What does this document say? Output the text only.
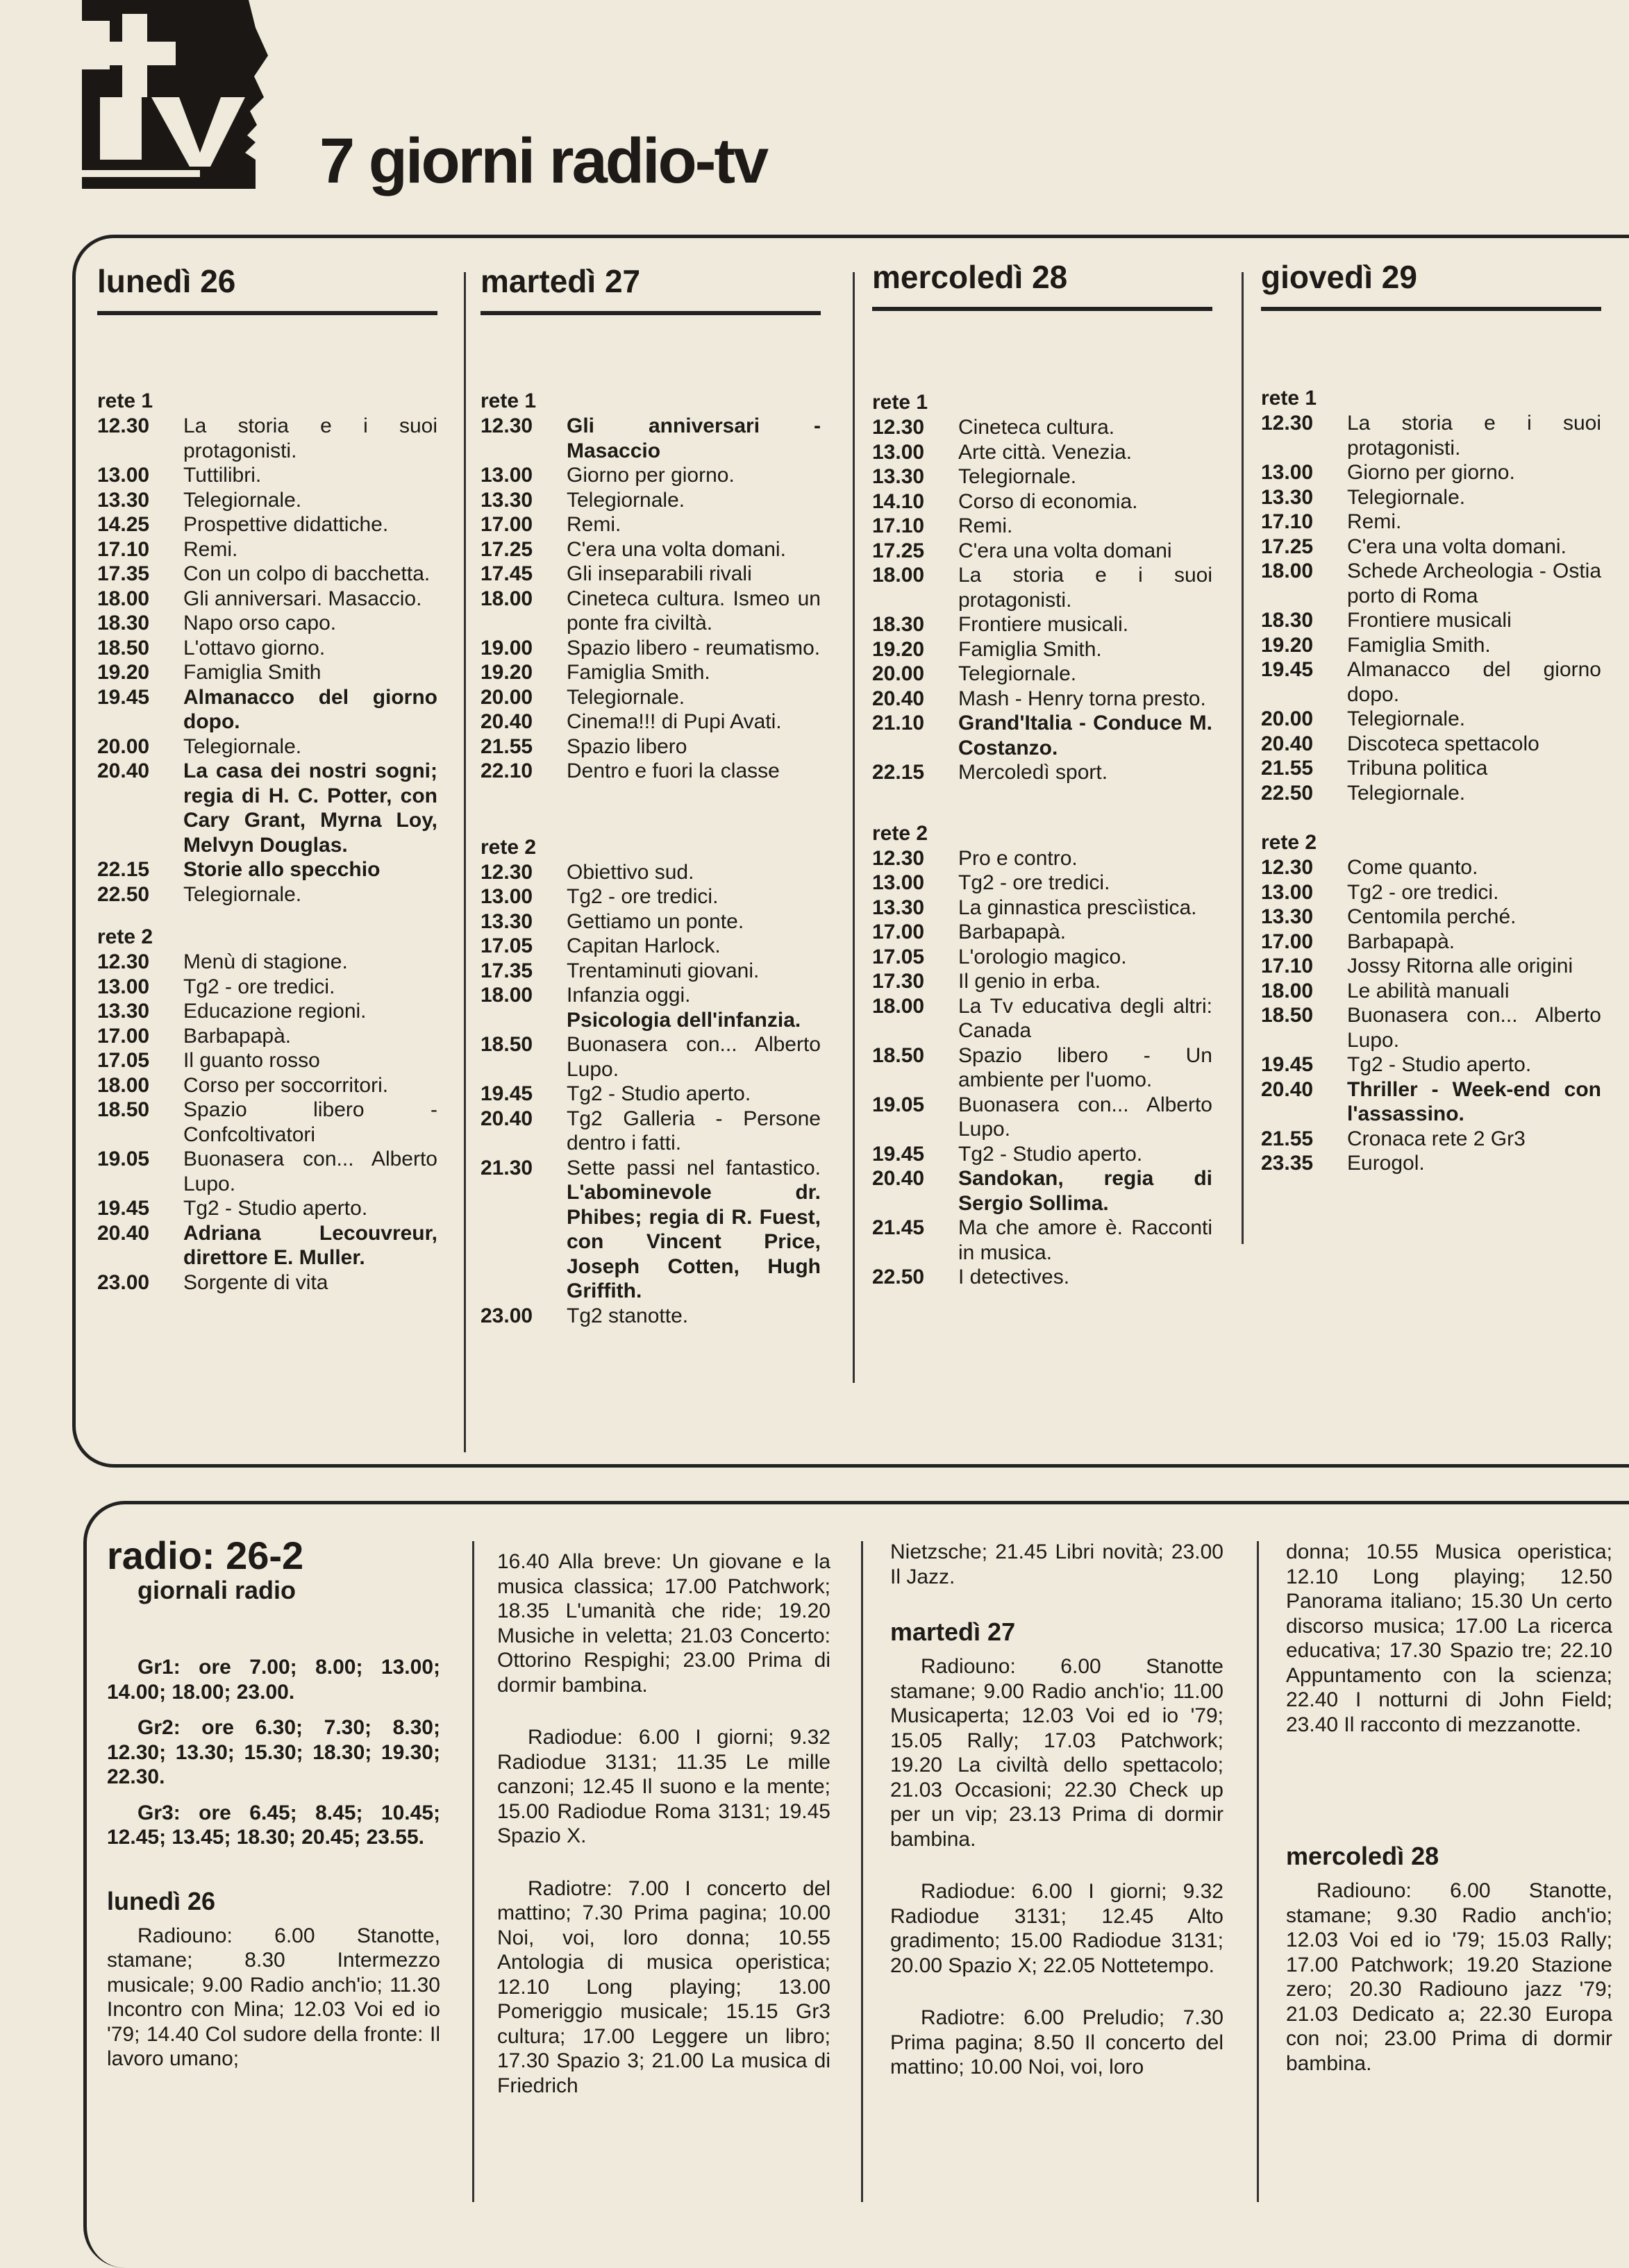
tv
7 giorni radio-tv
lunedì 26
rete 1
12.30	La storia e i suoi protagonisti.
13.00	Tuttilibri.
13.30	Telegiornale.
14.25	Prospettive didattiche.
17.10	Remi.
17.35	Con un colpo di bacchetta.
18.00	Gli anniversari. Masaccio.
18.30	Napo orso capo.
18.50	L'ottavo giorno.
19.20	Famiglia Smith
19.45	Almanacco del giorno dopo.
20.00	Telegiornale.
20.40	La casa dei nostri sogni; regia di H. C. Potter, con Cary Grant, Myrna Loy, Melvyn Douglas.
22.15	Storie allo specchio
22.50	Telegiornale.
rete 2
12.30	Menù di stagione.
13.00	Tg2 - ore tredici.
13.30	Educazione regioni.
17.00	Barbapapà.
17.05	Il guanto rosso
18.00	Corso per soccorritori.
18.50	Spazio libero - Confcoltivatori
19.05	Buonasera con... Alberto Lupo.
19.45	Tg2 - Studio aperto.
20.40	Adriana Lecouvreur, direttore E. Muller.
23.00	Sorgente di vita
martedì 27
rete 1
12.30	Gli anniversari - Masaccio
13.00	Giorno per giorno.
13.30	Telegiornale.
17.00	Remi.
17.25	C'era una volta domani.
17.45	Gli inseparabili rivali
18.00	Cineteca cultura. Ismeo un ponte fra civiltà.
19.00	Spazio libero - reumatismo.
19.20	Famiglia Smith.
20.00	Telegiornale.
20.40	Cinema!!! di Pupi Avati.
21.55	Spazio libero
22.10	Dentro e fuori la classe
rete 2
12.30	Obiettivo sud.
13.00	Tg2 - ore tredici.
13.30	Gettiamo un ponte.
17.05	Capitan Harlock.
17.35	Trentaminuti giovani.
18.00	Infanzia oggi.
Psicologia dell'infanzia.
18.50	Buonasera con... Alberto Lupo.
19.45	Tg2 - Studio aperto.
20.40	Tg2 Galleria - Persone dentro i fatti.
21.30	Sette passi nel fantastico. L'abominevole dr. Phibes; regia di R. Fuest, con Vincent Price, Joseph Cotten, Hugh Griffith.
23.00	Tg2 stanotte.
mercoledì 28
rete 1
12.30	Cineteca cultura.
13.00	Arte città. Venezia.
13.30	Telegiornale.
14.10	Corso di economia.
17.10	Remi.
17.25	C'era una volta domani
18.00	La storia e i suoi protagonisti.
18.30	Frontiere musicali.
19.20	Famiglia Smith.
20.00	Telegiornale.
20.40	Mash - Henry torna presto.
21.10	Grand'Italia - Conduce M. Costanzo.
22.15	Mercoledì sport.
rete 2
12.30	Pro e contro.
13.00	Tg2 - ore tredici.
13.30	La ginnastica prescìistica.
17.00	Barbapapà.
17.05	L'orologio magico.
17.30	Il genio in erba.
18.00	La Tv educativa degli altri: Canada
18.50	Spazio libero - Un ambiente per l'uomo.
19.05	Buonasera con... Alberto Lupo.
19.45	Tg2 - Studio aperto.
20.40	Sandokan, regia di Sergio Sollima.
21.45	Ma che amore è. Racconti in musica.
22.50	I detectives.
giovedì 29
rete 1
12.30	La storia e i suoi protagonisti.
13.00	Giorno per giorno.
13.30	Telegiornale.
17.10	Remi.
17.25	C'era una volta domani.
18.00	Schede Archeologia - Ostia porto di Roma
18.30	Frontiere musicali
19.20	Famiglia Smith.
19.45	Almanacco del giorno dopo.
20.00	Telegiornale.
20.40	Discoteca spettacolo
21.55	Tribuna politica
22.50	Telegiornale.
rete 2
12.30	Come quanto.
13.00	Tg2 - ore tredici.
13.30	Centomila perché.
17.00	Barbapapà.
17.10	Jossy Ritorna alle origini
18.00	Le abilità manuali
18.50	Buonasera con... Alberto Lupo.
19.45	Tg2 - Studio aperto.
20.40	Thriller - Week-end con l'assassino.
21.55	Cronaca rete 2 Gr3
23.35	Eurogol.
radio: 26-2
giornali radio

Gr1: ore 7.00; 8.00; 13.00; 14.00; 18.00; 23.00.

Gr2: ore 6.30; 7.30; 8.30; 12.30; 13.30; 15.30; 18.30; 19.30; 22.30.

Gr3: ore 6.45; 8.45; 10.45; 12.45; 13.45; 18.30; 20.45; 23.55.

lunedì 26

Radiouno: 6.00 Stanotte, stamane; 8.30 Intermezzo musicale; 9.00 Radio anch'io; 11.30 Incontro con Mina; 12.03 Voi ed io '79; 14.40 Col sudore della fronte: Il lavoro umano;

16.40 Alla breve: Un giovane e la musica classica; 17.00 Patchwork; 18.35 L'umanità che ride; 19.20 Musiche in veletta; 21.03 Concerto: Ottorino Respighi; 23.00 Prima di dormir bambina.

Radiodue: 6.00 I giorni; 9.32 Radiodue 3131; 11.35 Le mille canzoni; 12.45 Il suono e la mente; 15.00 Radiodue Roma 3131; 19.45 Spazio X.

Radiotre: 7.00 I concerto del mattino; 7.30 Prima pagina; 10.00 Noi, voi, loro donna; 10.55 Antologia di musica operistica; 12.10 Long playing; 13.00 Pomeriggio musicale; 15.15 Gr3 cultura; 17.00 Leggere un libro; 17.30 Spazio 3; 21.00 La musica di Friedrich

Nietzsche; 21.45 Libri novità; 23.00 Il Jazz.

martedì 27

Radiouno: 6.00 Stanotte stamane; 9.00 Radio anch'io; 11.00 Musicaperta; 12.03 Voi ed io '79; 15.05 Rally; 17.03 Patchwork; 19.20 La civiltà dello spettacolo; 21.03 Occasioni; 22.30 Check up per un vip; 23.13 Prima di dormir bambina.

Radiodue: 6.00 I giorni; 9.32 Radiodue 3131; 12.45 Alto gradimento; 15.00 Radiodue 3131; 20.00 Spazio X; 22.05 Nottetempo.

Radiotre: 6.00 Preludio; 7.30 Prima pagina; 8.50 Il concerto del mattino; 10.00 Noi, voi, loro

donna; 10.55 Musica operistica; 12.10 Long playing; 12.50 Panorama italiano; 15.30 Un certo discorso musica; 17.00 La ricerca educativa; 17.30 Spazio tre; 22.10 Appuntamento con la scienza; 22.40 I notturni di John Field; 23.40 Il racconto di mezzanotte.

mercoledì 28

Radiouno: 6.00 Stanotte, stamane; 9.30 Radio anch'io; 12.03 Voi ed io '79; 15.03 Rally; 17.00 Patchwork; 19.20 Stazione zero; 20.30 Radiouno jazz '79; 21.03 Dedicato a; 22.30 Europa con noi; 23.00 Prima di dormir bambina.
